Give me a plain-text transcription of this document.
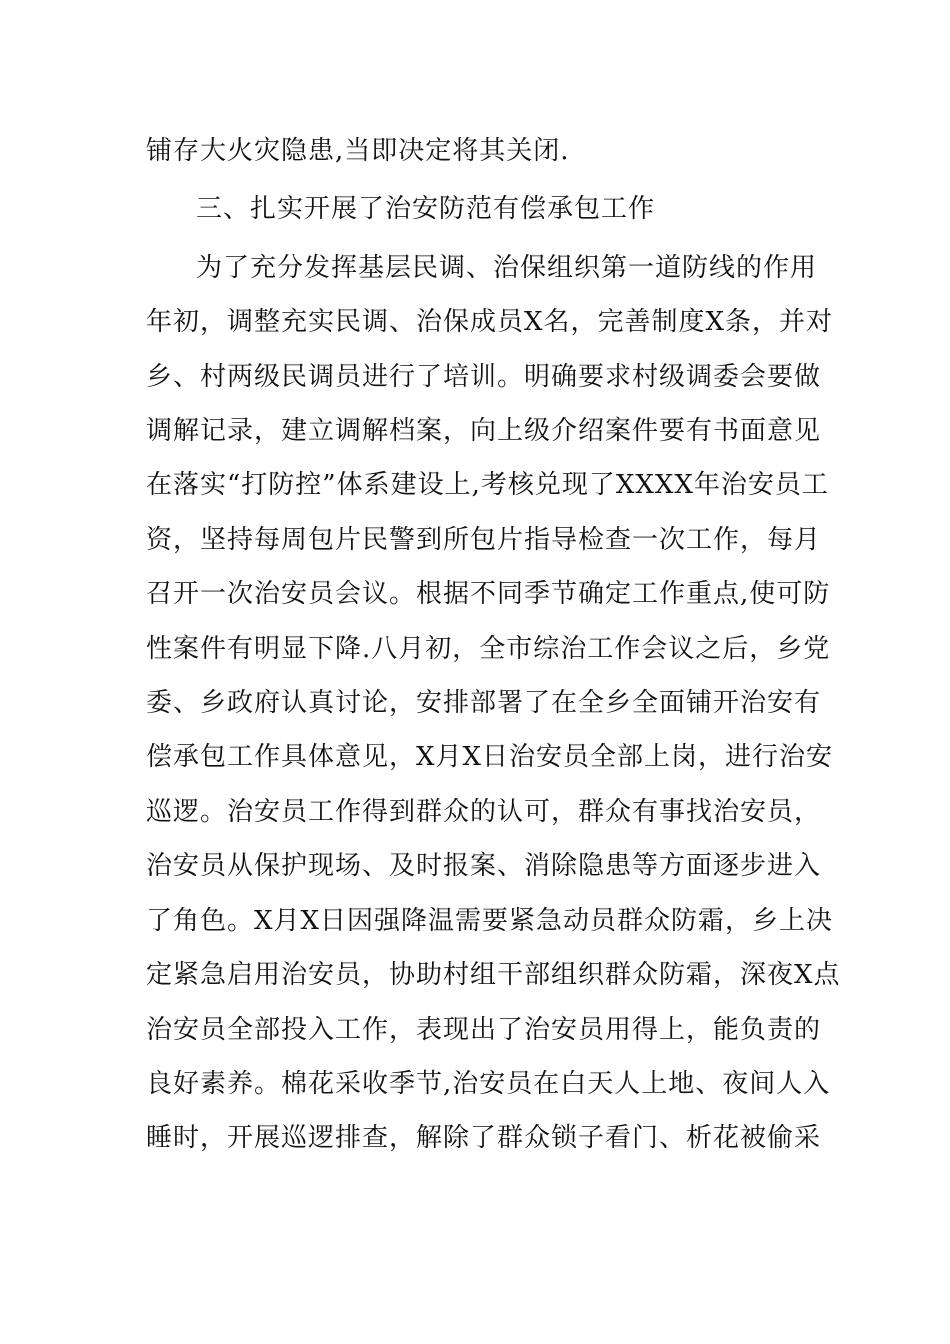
铺存大火灾隐患,当即决定将其关闭.
三、扎实开展了治安防范有偿承包工作
为了充分发挥基层民调、治保组织第一道防线的作用
年初，调整充实民调、治保成员X名，完善制度X条，并对
乡、村两级民调员进行了培训。明确要求村级调委会要做
调解记录，建立调解档案，向上级介绍案件要有书面意见
在落实“打防控”体系建设上,考核兑现了XXXX年治安员工
资，坚持每周包片民警到所包片指导检查一次工作，每月
召开一次治安员会议。根据不同季节确定工作重点,使可防
性案件有明显下降.八月初，全市综治工作会议之后，乡党
委、乡政府认真讨论，安排部署了在全乡全面铺开治安有
偿承包工作具体意见，X月X日治安员全部上岗，进行治安
巡逻。治安员工作得到群众的认可，群众有事找治安员，
治安员从保护现场、及时报案、消除隐患等方面逐步进入
了角色。X月X日因强降温需要紧急动员群众防霜，乡上决
定紧急启用治安员，协助村组干部组织群众防霜，深夜X点
治安员全部投入工作，表现出了治安员用得上，能负责的
良好素养。棉花采收季节,治安员在白天人上地、夜间人入
睡时，开展巡逻排查，解除了群众锁子看门、析花被偷采
